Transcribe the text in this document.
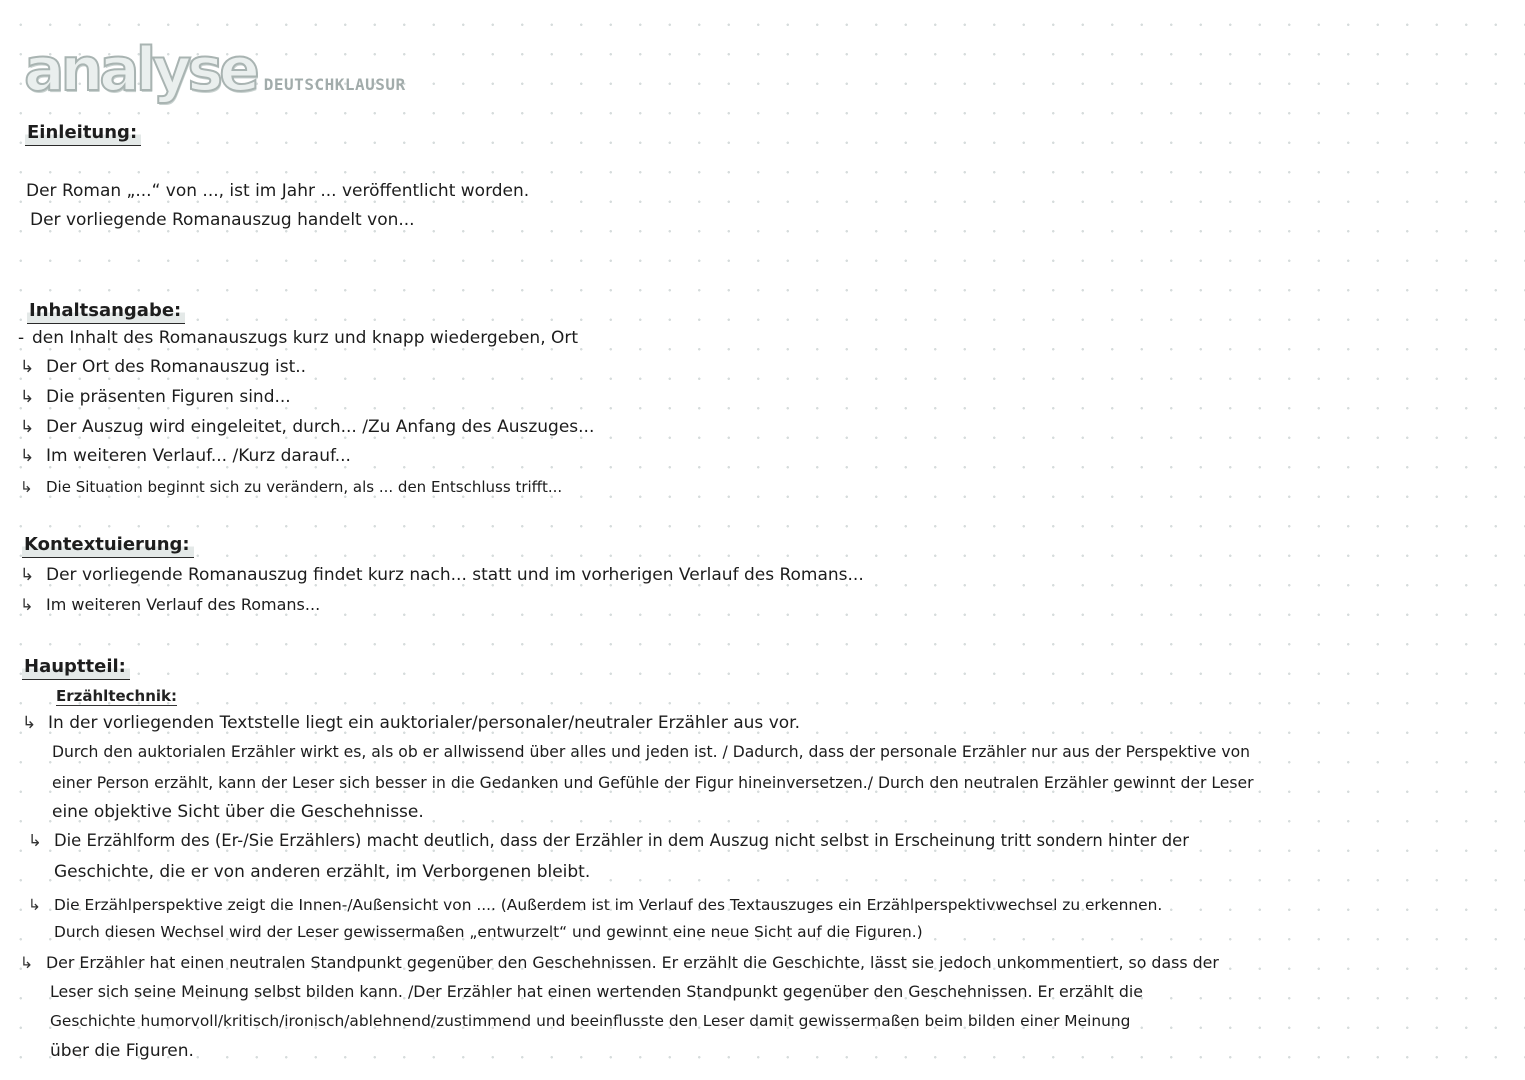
analyse DEUTSCHKLAUSUR
Einleitung:
Der Roman „...“ von ..., ist im Jahr ... veröffentlicht worden.
Der vorliegende Romanauszug handelt von...
Inhaltsangabe:
- den Inhalt des Romanauszugs kurz und knapp wiedergeben, Ort
↳ Der Ort des Romanauszug ist..
↳ Die präsenten Figuren sind...
↳ Der Auszug wird eingeleitet, durch... /Zu Anfang des Auszuges...
↳ Im weiteren Verlauf... /Kurz darauf...
↳ Die Situation beginnt sich zu verändern, als ... den Entschluss trifft...
Kontextuierung:
↳ Der vorliegende Romanauszug findet kurz nach... statt und im vorherigen Verlauf des Romans...
↳ Im weiteren Verlauf des Romans...
Hauptteil:
Erzähltechnik:
↳ In der vorliegenden Textstelle liegt ein auktorialer/personaler/neutraler Erzähler aus vor.
Durch den auktorialen Erzähler wirkt es, als ob er allwissend über alles und jeden ist. / Dadurch, dass der personale Erzähler nur aus der Perspektive von
einer Person erzählt, kann der Leser sich besser in die Gedanken und Gefühle der Figur hineinversetzen./ Durch den neutralen Erzähler gewinnt der Leser
eine objektive Sicht über die Geschehnisse.
↳ Die Erzählform des (Er-/Sie Erzählers) macht deutlich, dass der Erzähler in dem Auszug nicht selbst in Erscheinung tritt sondern hinter der
Geschichte, die er von anderen erzählt, im Verborgenen bleibt.
↳ Die Erzählperspektive zeigt die Innen-/Außensicht von .... (Außerdem ist im Verlauf des Textauszuges ein Erzählperspektivwechsel zu erkennen.
Durch diesen Wechsel wird der Leser gewissermaßen „entwurzelt“ und gewinnt eine neue Sicht auf die Figuren.)
↳ Der Erzähler hat einen neutralen Standpunkt gegenüber den Geschehnissen. Er erzählt die Geschichte, lässt sie jedoch unkommentiert, so dass der
Leser sich seine Meinung selbst bilden kann. /Der Erzähler hat einen wertenden Standpunkt gegenüber den Geschehnissen. Er erzählt die
Geschichte humorvoll/kritisch/ironisch/ablehnend/zustimmend und beeinflusste den Leser damit gewissermaßen beim bilden einer Meinung
über die Figuren.
